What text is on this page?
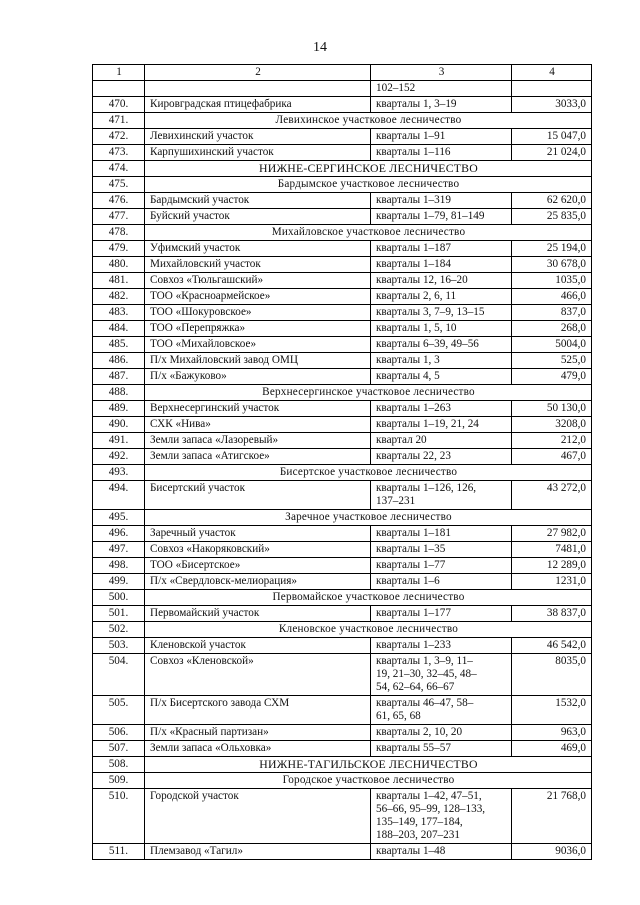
14
1	2	3	4
		102–152	
470.	Кировградская птицефабрика	кварталы 1, 3–19	3033,0
471.	Левихинское участковое лесничество		
472.	Левихинский участок	кварталы 1–91	15 047,0
473.	Карпушихинский участок	кварталы 1–116	21 024,0
474.	НИЖНЕ-СЕРГИНСКОЕ ЛЕСНИЧЕСТВО		
475.	Бардымское участковое лесничество		
476.	Бардымский участок	кварталы 1–319	62 620,0
477.	Буйский участок	кварталы 1–79, 81–149	25 835,0
478.	Михайловское участковое лесничество		
479.	Уфимский участок	кварталы 1–187	25 194,0
480.	Михайловский участок	кварталы 1–184	30 678,0
481.	Совхоз «Тюльгашский»	кварталы 12, 16–20	1035,0
482.	ТОО «Красноармейское»	кварталы 2, 6, 11	466,0
483.	ТОО «Шокуровское»	кварталы 3, 7–9, 13–15	837,0
484.	ТОО «Перепряжка»	кварталы 1, 5, 10	268,0
485.	ТОО «Михайловское»	кварталы 6–39, 49–56	5004,0
486.	П/х Михайловский завод ОМЦ	кварталы 1, 3	525,0
487.	П/х «Бажуково»	кварталы 4, 5	479,0
488.	Верхнесергинское участковое лесничество		
489.	Верхнесергинский участок	кварталы 1–263	50 130,0
490.	СХК «Нива»	кварталы 1–19, 21, 24	3208,0
491.	Земли запаса «Лазоревый»	квартал 20	212,0
492.	Земли запаса «Атигское»	кварталы 22, 23	467,0
493.	Бисертское участковое лесничество		
494.	Бисертский участок	кварталы 1–126, 126,
137–231	43 272,0
495.	Заречное участковое лесничество		
496.	Заречный участок	кварталы 1–181	27 982,0
497.	Совхоз «Накоряковский»	кварталы 1–35	7481,0
498.	ТОО «Бисертское»	кварталы 1–77	12 289,0
499.	П/х «Свердловск-мелиорация»	кварталы 1–6	1231,0
500.	Первомайское участковое лесничество		
501.	Первомайский участок	кварталы 1–177	38 837,0
502.	Кленовское участковое лесничество		
503.	Кленовской участок	кварталы 1–233	46 542,0
504.	Совхоз «Кленовской»	кварталы 1, 3–9, 11–
19, 21–30, 32–45, 48–
54, 62–64, 66–67	8035,0
505.	П/х Бисертского завода СХМ	кварталы 46–47, 58–
61, 65, 68	1532,0
506.	П/х «Красный партизан»	кварталы 2, 10, 20	963,0
507.	Земли запаса «Ольховка»	кварталы 55–57	469,0
508.	НИЖНЕ-ТАГИЛЬСКОЕ ЛЕСНИЧЕСТВО		
509.	Городское участковое лесничество		
510.	Городской участок	кварталы 1–42, 47–51,
56–66, 95–99, 128–133,
135–149, 177–184,
188–203, 207–231	21 768,0
511.	Племзавод «Тагил»	кварталы 1–48	9036,0
